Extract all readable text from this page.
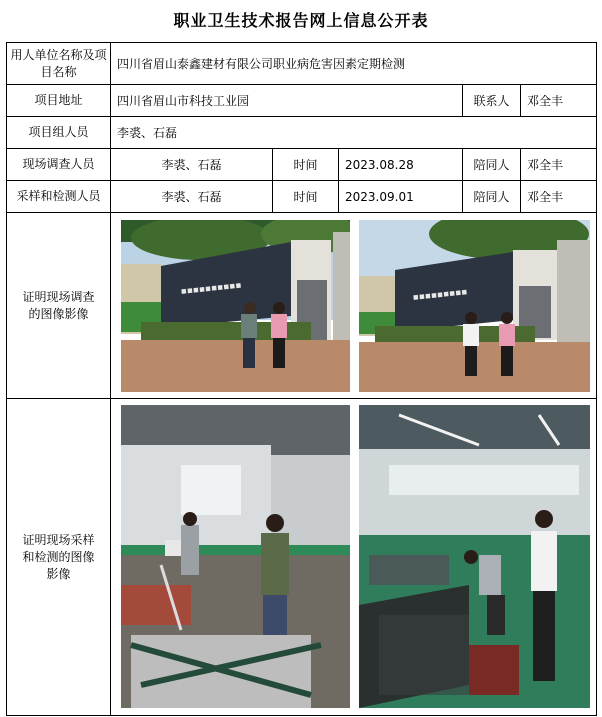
职业卫生技术报告网上信息公开表
用人单位名称及项目名称	四川省眉山泰鑫建材有限公司职业病危害因素定期检测				
项目地址	四川省眉山市科技工业园			联系人	邓全丰
项目组人员	李裘、石磊				
现场调查人员	李裘、石磊	时间	2023.08.28	陪同人	邓全丰
采样和检测人员	李裘、石磊	时间	2023.09.01	陪同人	邓全丰
证明现场调查的图像影像	▪▪▪▪▪▪▪▪▪▪ ▪▪▪▪▪▪▪▪▪				

证明现场采样和检测的图像影像	
